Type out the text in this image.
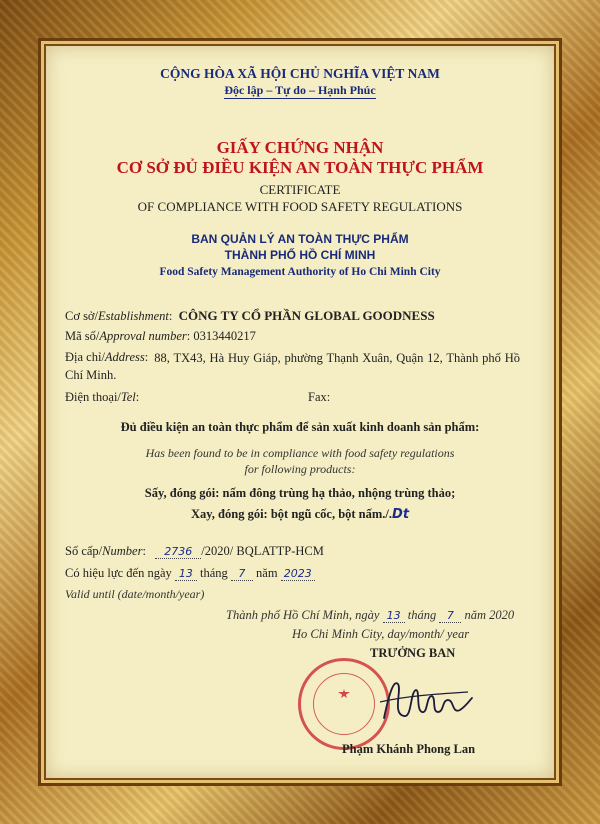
CỘNG HÒA XÃ HỘI CHỦ NGHĨA VIỆT NAM
Độc lập – Tự do – Hạnh Phúc
GIẤY CHỨNG NHẬN
CƠ SỞ ĐỦ ĐIỀU KIỆN AN TOÀN THỰC PHẨM
CERTIFICATE
OF COMPLIANCE WITH FOOD SAFETY REGULATIONS
BAN QUẢN LÝ AN TOÀN THỰC PHẨM
THÀNH PHỐ HỒ CHÍ MINH
Food Safety Management Authority of Ho Chi Minh City
Cơ sở/Establishment:  CÔNG TY CỔ PHẦN GLOBAL GOODNESS
Mã số/Approval number: 0313440217
Địa chỉ/Address: 88, TX43, Hà Huy Giáp, phường Thạnh Xuân, Quận 12, Thành phố Hồ Chí Minh.
Điện thoại/Tel:	Fax:
Đủ điều kiện an toàn thực phẩm để sản xuất kinh doanh sản phẩm:
Has been found to be in compliance with food safety regulations
for following products:
Sấy, đóng gói: nấm đông trùng hạ thảo, nhộng trùng thảo;
Xay, đóng gói: bột ngũ cốc, bột nấm./.Dt
Số cấp/Number:   2736 /2020/ BQLATTP-HCM
Có hiệu lực đến ngày 13 tháng 7 năm 2023
Valid until (date/month/year)
Thành phố Hồ Chí Minh, ngày 13 tháng 7 năm 2020
Ho Chi Minh City, day/month/ year
TRƯỞNG BAN
Phạm Khánh Phong Lan
